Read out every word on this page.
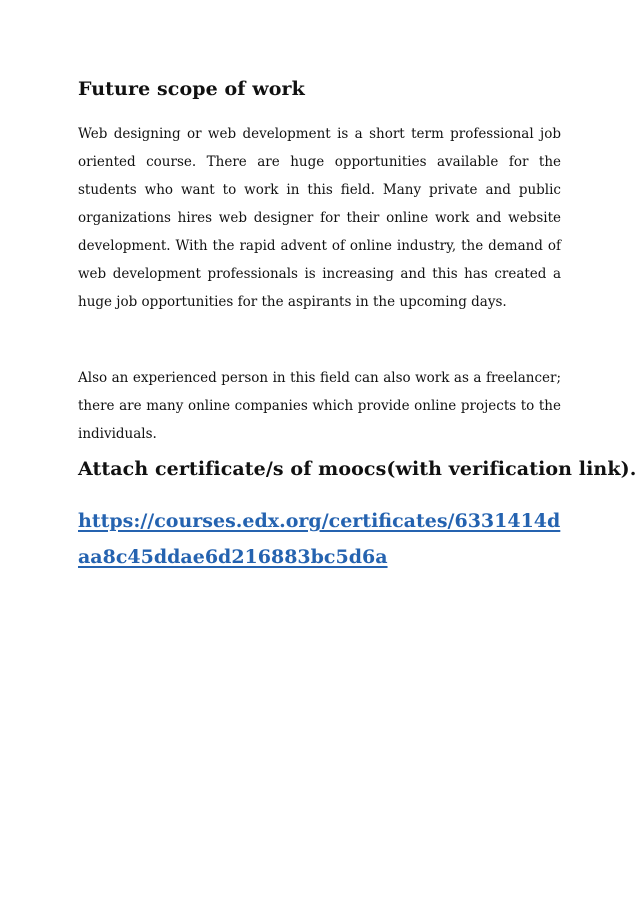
Future scope of work
Web designing or web development is a short term professional job oriented course. There are huge opportunities available for the students who want to work in this field. Many private and public organizations hires web designer for their online work and website development. With the rapid advent of online industry, the demand of web development professionals is increasing and this has created a huge job opportunities for the aspirants in the upcoming days.
Also an experienced person in this field can also work as a freelancer; there are many online companies which provide online projects to the individuals.
Attach certificate/s of moocs(with verification link).
https://courses.edx.org/certificates/6331414daa8c45ddae6d216883bc5d6a
